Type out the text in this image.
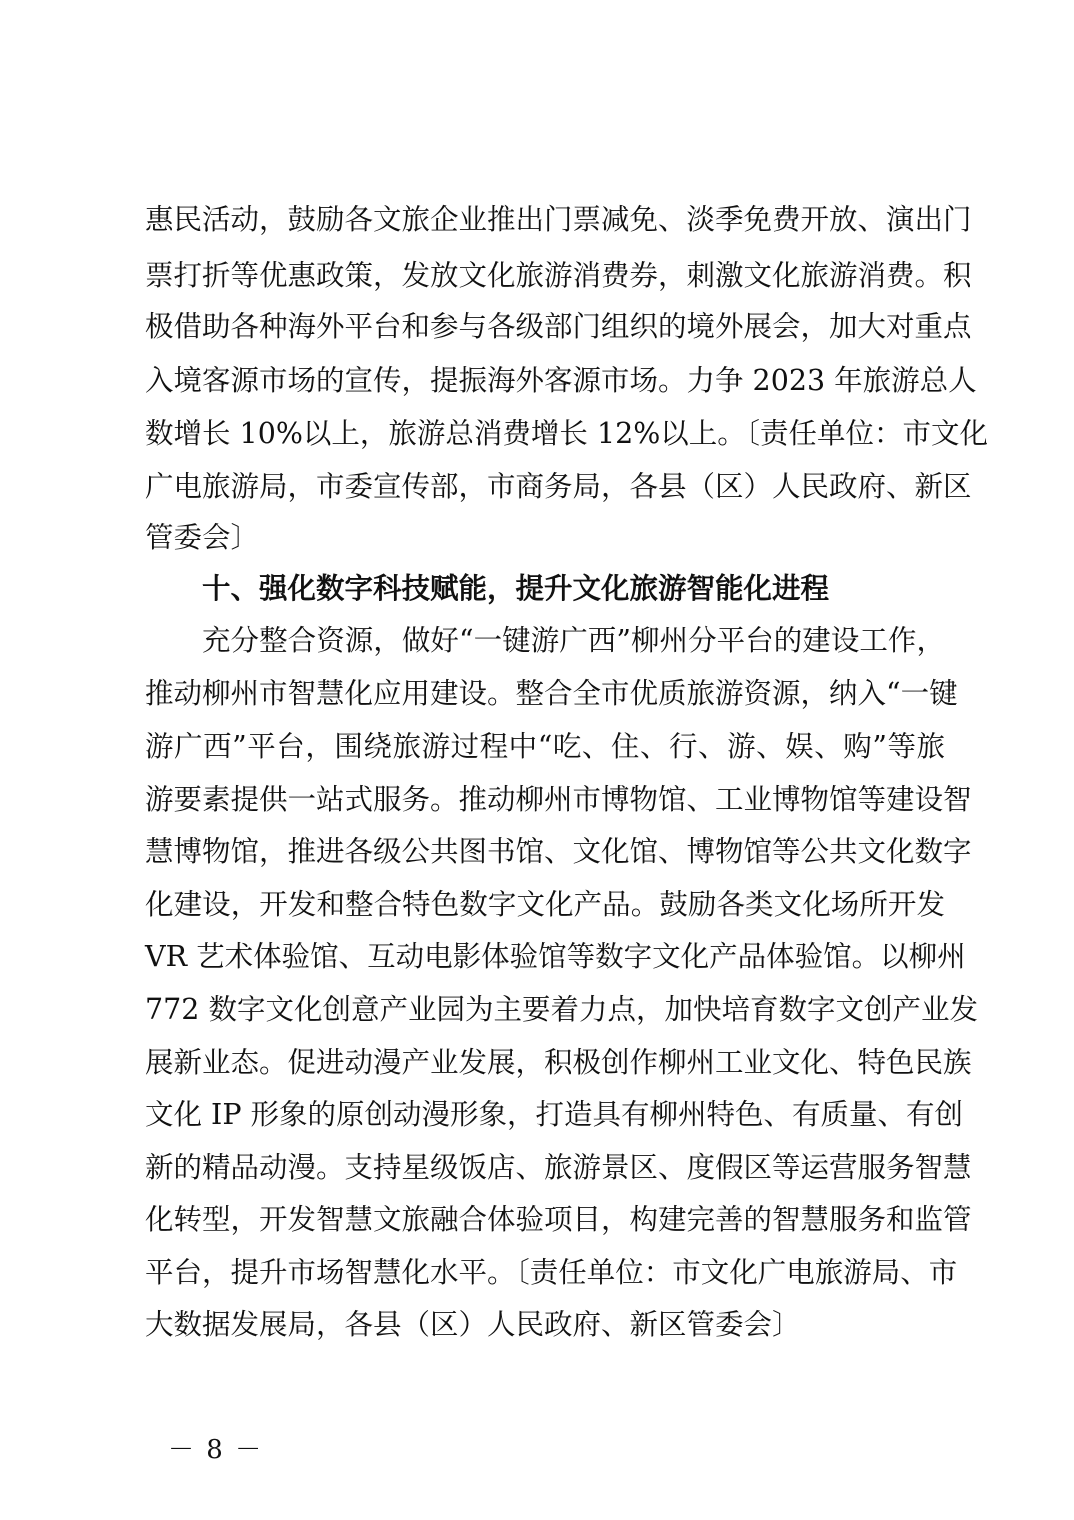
惠民活动，鼓励各文旅企业推出门票减免、淡季免费开放、演出门
票打折等优惠政策，发放文化旅游消费券，刺激文化旅游消费。积
极借助各种海外平台和参与各级部门组织的境外展会，加大对重点
入境客源市场的宣传，提振海外客源市场。力争 2023 年旅游总人
数增长 10%以上，旅游总消费增长 12%以上。〔责任单位：市文化
广电旅游局，市委宣传部，市商务局，各县（区）人民政府、新区
管委会〕
十、强化数字科技赋能，提升文化旅游智能化进程
充分整合资源，做好“一键游广西”柳州分平台的建设工作，
推动柳州市智慧化应用建设。整合全市优质旅游资源，纳入“一键
游广西”平台，围绕旅游过程中“吃、住、行、游、娱、购”等旅
游要素提供一站式服务。推动柳州市博物馆、工业博物馆等建设智
慧博物馆，推进各级公共图书馆、文化馆、博物馆等公共文化数字
化建设，开发和整合特色数字文化产品。鼓励各类文化场所开发
VR 艺术体验馆、互动电影体验馆等数字文化产品体验馆。以柳州
772 数字文化创意产业园为主要着力点，加快培育数字文创产业发
展新业态。促进动漫产业发展，积极创作柳州工业文化、特色民族
文化 IP 形象的原创动漫形象，打造具有柳州特色、有质量、有创
新的精品动漫。支持星级饭店、旅游景区、度假区等运营服务智慧
化转型，开发智慧文旅融合体验项目，构建完善的智慧服务和监管
平台，提升市场智慧化水平。〔责任单位：市文化广电旅游局、市
大数据发展局，各县（区）人民政府、新区管委会〕
－ 8 －
